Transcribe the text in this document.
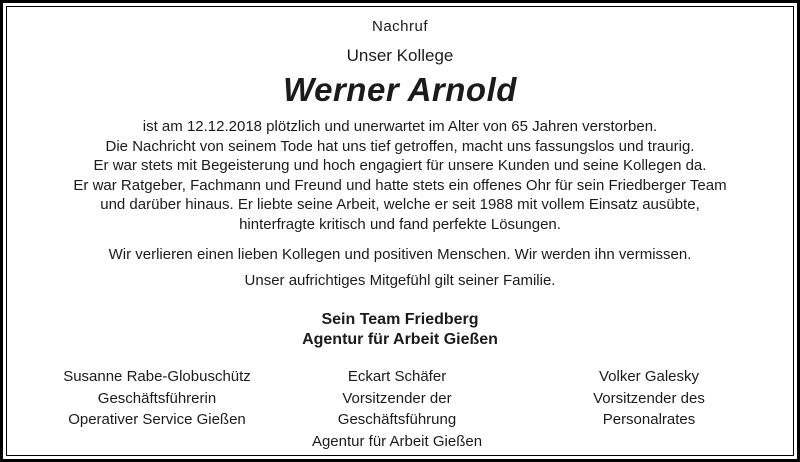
Nachruf
Unser Kollege
Werner Arnold
ist am 12.12.2018 plötzlich und unerwartet im Alter von 65 Jahren verstorben.
Die Nachricht von seinem Tode hat uns tief getroffen, macht uns fassungslos und traurig.
Er war stets mit Begeisterung und hoch engagiert für unsere Kunden und seine Kollegen da.
Er war Ratgeber, Fachmann und Freund und hatte stets ein offenes Ohr für sein Friedberger Team
und darüber hinaus. Er liebte seine Arbeit, welche er seit 1988 mit vollem Einsatz ausübte,
hinterfragte kritisch und fand perfekte Lösungen.
Wir verlieren einen lieben Kollegen und positiven Menschen. Wir werden ihn vermissen.
Unser aufrichtiges Mitgefühl gilt seiner Familie.
Sein Team Friedberg
Agentur für Arbeit Gießen
Susanne Rabe-Globuschütz
Geschäftsführerin
Operativer Service Gießen
Eckart Schäfer
Vorsitzender der
Geschäftsführung
Agentur für Arbeit Gießen
Volker Galesky
Vorsitzender des
Personalrates
